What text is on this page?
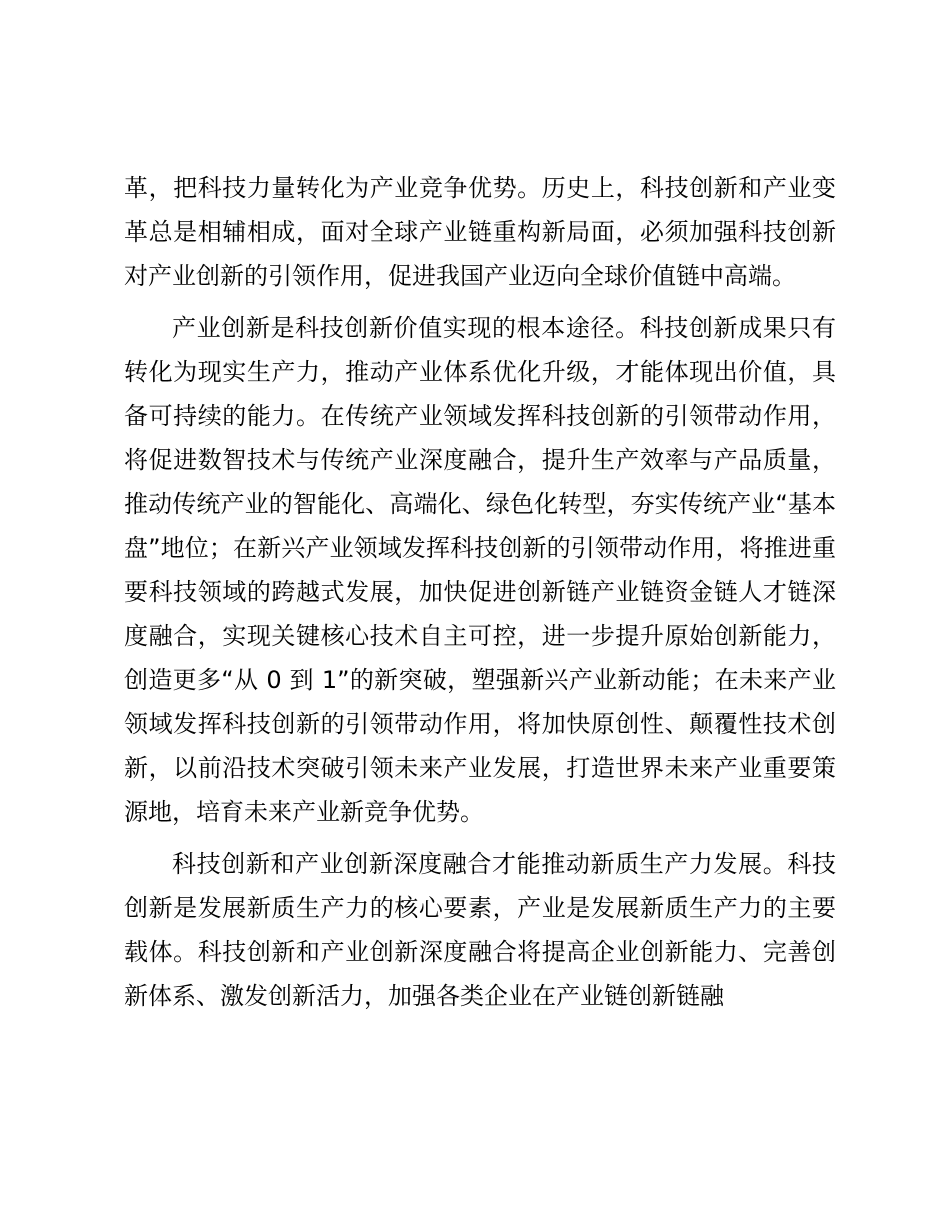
革，把科技力量转化为产业竞争优势。历史上，科技创新和产业变革总是相辅相成，面对全球产业链重构新局面，必须加强科技创新对产业创新的引领作用，促进我国产业迈向全球价值链中高端。

产业创新是科技创新价值实现的根本途径。科技创新成果只有转化为现实生产力，推动产业体系优化升级，才能体现出价值，具备可持续的能力。在传统产业领域发挥科技创新的引领带动作用，将促进数智技术与传统产业深度融合，提升生产效率与产品质量，推动传统产业的智能化、高端化、绿色化转型，夯实传统产业“基本盘”地位；在新兴产业领域发挥科技创新的引领带动作用，将推进重要科技领域的跨越式发展，加快促进创新链产业链资金链人才链深度融合，实现关键核心技术自主可控，进一步提升原始创新能力，创造更多“从 0 到 1”的新突破，塑强新兴产业新动能；在未来产业领域发挥科技创新的引领带动作用，将加快原创性、颠覆性技术创新，以前沿技术突破引领未来产业发展，打造世界未来产业重要策源地，培育未来产业新竞争优势。

科技创新和产业创新深度融合才能推动新质生产力发展。科技创新是发展新质生产力的核心要素，产业是发展新质生产力的主要载体。科技创新和产业创新深度融合将提高企业创新能力、完善创新体系、激发创新活力，加强各类企业在产业链创新链融
